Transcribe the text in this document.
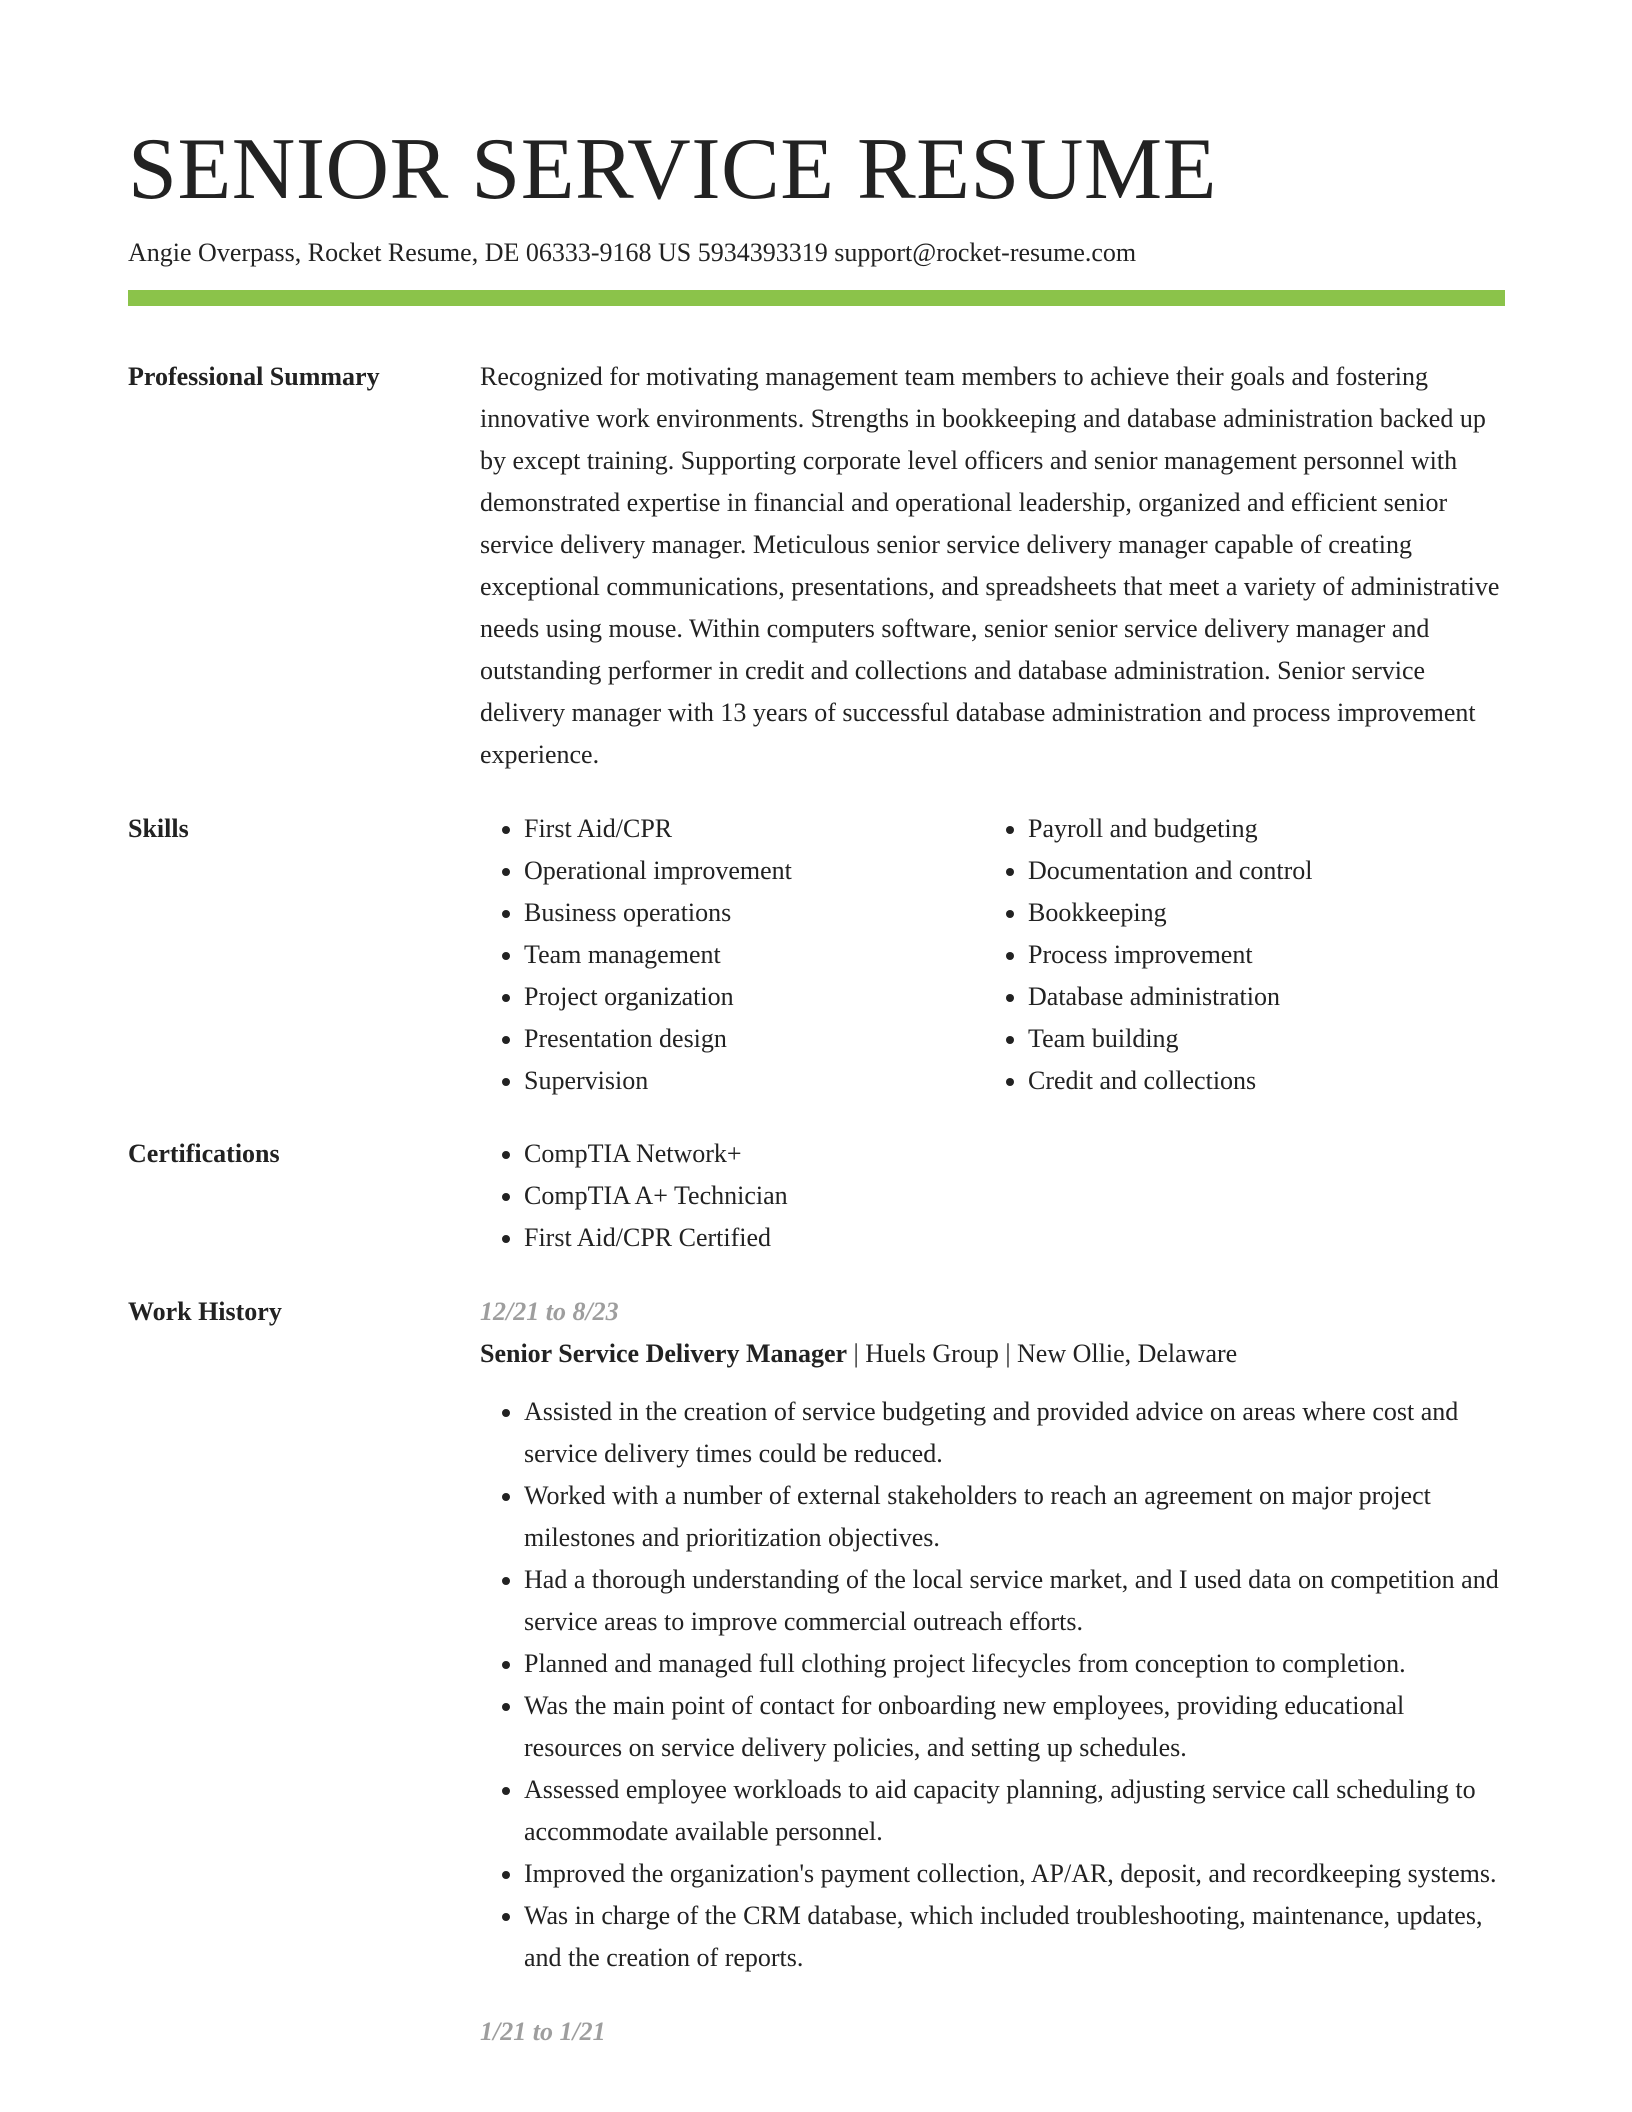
SENIOR SERVICE RESUME
Angie Overpass, Rocket Resume, DE 06333-9168 US 5934393319 support@rocket-resume.com
Professional Summary	Recognized for motivating management team members to achieve their goals and fostering innovative work environments. Strengths in bookkeeping and database administration backed up by except training. Supporting corporate level officers and senior management personnel with demonstrated expertise in financial and operational leadership, organized and efficient senior service delivery manager. Meticulous senior service delivery manager capable of creating exceptional communications, presentations, and spreadsheets that meet a variety of administrative needs using mouse. Within computers software, senior senior service delivery manager and outstanding performer in credit and collections and database administration. Senior service delivery manager with 13 years of successful database administration and process improvement experience.

Skills	• First Aid/CPR
• Operational improvement
• Business operations
• Team management
• Project organization
• Presentation design
• Supervision
• Payroll and budgeting
• Documentation and control
• Bookkeeping
• Process improvement
• Database administration
• Team building
• Credit and collections
Certifications	• CompTIA Network+
• CompTIA A+ Technician
• First Aid/CPR Certified
Work History	12/21 to 8/23
Senior Service Delivery Manager | Huels Group | New Ollie, Delaware
• Assisted in the creation of service budgeting and provided advice on areas where cost and service delivery times could be reduced.
• Worked with a number of external stakeholders to reach an agreement on major project milestones and prioritization objectives.
• Had a thorough understanding of the local service market, and I used data on competition and service areas to improve commercial outreach efforts.
• Planned and managed full clothing project lifecycles from conception to completion.
• Was the main point of contact for onboarding new employees, providing educational resources on service delivery policies, and setting up schedules.
• Assessed employee workloads to aid capacity planning, adjusting service call scheduling to accommodate available personnel.
• Improved the organization's payment collection, AP/AR, deposit, and recordkeeping systems.
• Was in charge of the CRM database, which included troubleshooting, maintenance, updates, and the creation of reports.
1/21 to 1/21
